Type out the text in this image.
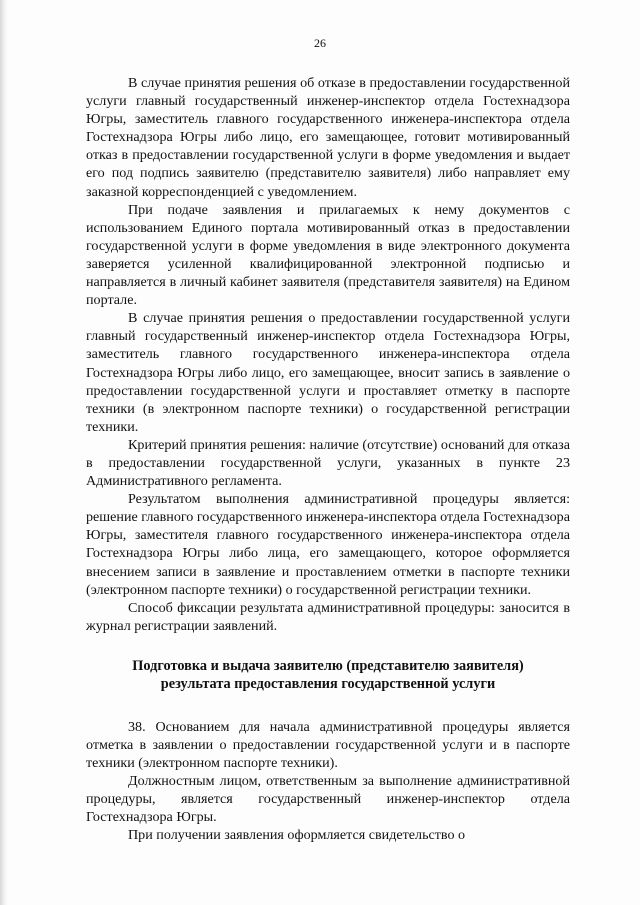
26

В случае принятия решения об отказе в предоставлении государственной услуги главный государственный инженер-инспектор отдела Гостехнадзора Югры, заместитель главного государственного инженера-инспектора отдела Гостехнадзора Югры либо лицо, его замещающее, готовит мотивированный отказ в предоставлении государственной услуги в форме уведомления и выдает его под подпись заявителю (представителю заявителя) либо направляет ему заказной корреспонденцией с уведомлением.

При подаче заявления и прилагаемых к нему документов с использованием Единого портала мотивированный отказ в предоставлении государственной услуги в форме уведомления в виде электронного документа заверяется усиленной квалифицированной электронной подписью и направляется в личный кабинет заявителя (представителя заявителя) на Едином портале.

В случае принятия решения о предоставлении государственной услуги главный государственный инженер-инспектор отдела Гостехнадзора Югры, заместитель главного государственного инженера-инспектора отдела Гостехнадзора Югры либо лицо, его замещающее, вносит запись в заявление о предоставлении государственной услуги и проставляет отметку в паспорте техники (в электронном паспорте техники) о государственной регистрации техники.

Критерий принятия решения: наличие (отсутствие) оснований для отказа в предоставлении государственной услуги, указанных в пункте 23 Административного регламента.

Результатом выполнения административной процедуры является: решение главного государственного инженера-инспектора отдела Гостехнадзора Югры, заместителя главного государственного инженера-инспектора отдела Гостехнадзора Югры либо лица, его замещающего, которое оформляется внесением записи в заявление и проставлением отметки в паспорте техники (электронном паспорте техники) о государственной регистрации техники.

Способ фиксации результата административной процедуры: заносится в журнал регистрации заявлений.

Подготовка и выдача заявителю (представителю заявителя)
результата предоставления государственной услуги

38. Основанием для начала административной процедуры является отметка в заявлении о предоставлении государственной услуги и в паспорте техники (электронном паспорте техники).

Должностным лицом, ответственным за выполнение административной процедуры, является государственный инженер-инспектор отдела Гостехнадзора Югры.

При получении заявления оформляется свидетельство о
